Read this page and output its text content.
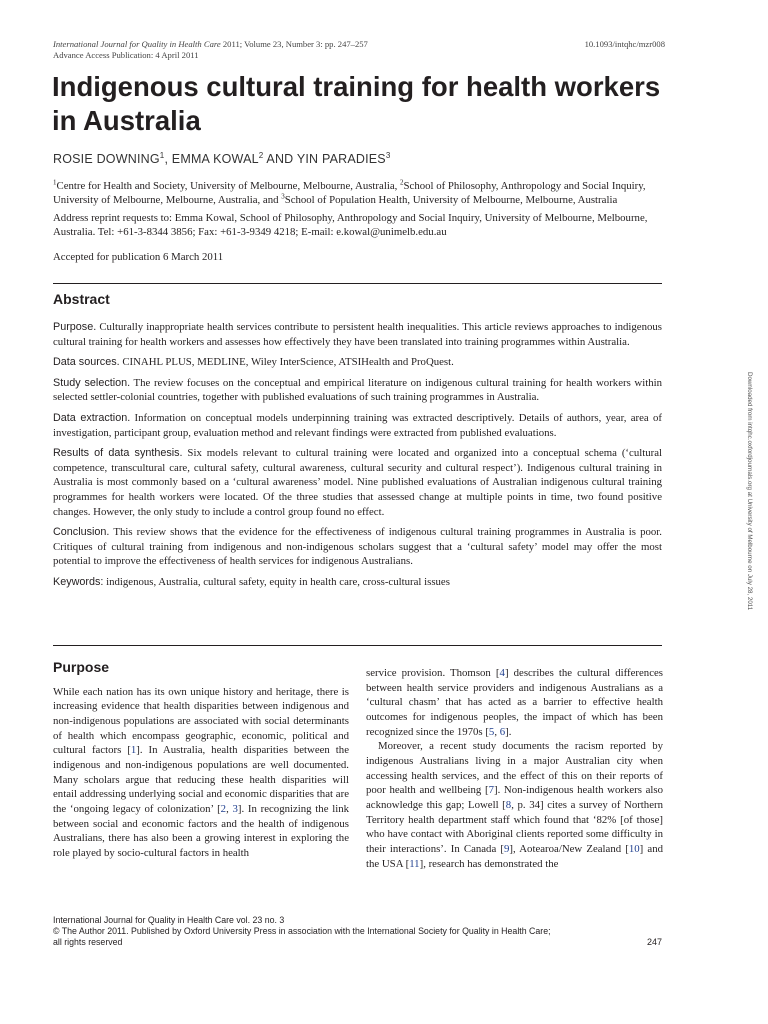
International Journal for Quality in Health Care 2011; Volume 23, Number 3: pp. 247–257	10.1093/intqhc/mzr008
Advance Access Publication: 4 April 2011
Indigenous cultural training for health workers in Australia
ROSIE DOWNING$^1$, EMMA KOWAL$^2$ AND YIN PARADIES$^3$
$^1$Centre for Health and Society, University of Melbourne, Melbourne, Australia, $^2$School of Philosophy, Anthropology and Social Inquiry, University of Melbourne, Melbourne, Australia, and $^3$School of Population Health, University of Melbourne, Melbourne, Australia
Address reprint requests to: Emma Kowal, School of Philosophy, Anthropology and Social Inquiry, University of Melbourne, Melbourne, Australia. Tel: +61-3-8344 3856; Fax: +61-3-9349 4218; E-mail: e.kowal@unimelb.edu.au
Accepted for publication 6 March 2011
Abstract

Purpose. Culturally inappropriate health services contribute to persistent health inequalities. This article reviews approaches to indigenous cultural training for health workers and assesses how effectively they have been translated into training programmes within Australia.

Data sources. CINAHL PLUS, MEDLINE, Wiley InterScience, ATSIHealth and ProQuest.

Study selection. The review focuses on the conceptual and empirical literature on indigenous cultural training for health workers within selected settler-colonial countries, together with published evaluations of such training programmes in Australia.

Data extraction. Information on conceptual models underpinning training was extracted descriptively. Details of authors, year, area of investigation, participant group, evaluation method and relevant findings were extracted from published evaluations.

Results of data synthesis. Six models relevant to cultural training were located and organized into a conceptual schema (‘cultural competence, transcultural care, cultural safety, cultural awareness, cultural security and cultural respect’). Indigenous cultural training in Australia is most commonly based on a ‘cultural awareness’ model. Nine published evaluations of Australian indigenous cultural training programmes for health workers were located. Of the three studies that assessed change at multiple points in time, two found positive changes. However, the only study to include a control group found no effect.

Conclusion. This review shows that the evidence for the effectiveness of indigenous cultural training programmes in Australia is poor. Critiques of cultural training from indigenous and non-indigenous scholars suggest that a ‘cultural safety’ model may offer the most potential to improve the effectiveness of health services for indigenous Australians.

Keywords: indigenous, Australia, cultural safety, equity in health care, cross-cultural issues

Purpose

While each nation has its own unique history and heritage, there is increasing evidence that health disparities between indigenous and non-indigenous populations are associated with social determinants of health which encompass geographic, economic, political and cultural factors [1]. In Australia, health disparities between the indigenous and non-indigenous populations are well documented. Many scholars argue that reducing these health disparities will entail addressing underlying social and economic disparities that are the ‘ongoing legacy of colonization’ [2, 3]. In recognizing the link between social and economic factors and the health of indigenous Australians, there has also been a growing interest in exploring the role played by socio-cultural factors in health

service provision. Thomson [4] describes the cultural differences between health service providers and indigenous Australians as a ‘cultural chasm’ that has acted as a barrier to effective health outcomes for indigenous peoples, the impact of which has been recognized since the 1970s [5, 6].

Moreover, a recent study documents the racism reported by indigenous Australians living in a major Australian city when accessing health services, and the effect of this on their reports of poor health and wellbeing [7]. Non-indigenous health workers also acknowledge this gap; Lowell [8, p. 34] cites a survey of Northern Territory health department staff which found that ‘82% [of those] who have contact with Aboriginal clients reported some difficulty in their interactions’. In Canada [9], Aotearoa/New Zealand [10] and the USA [11], research has demonstrated the

Downloaded from intqhc.oxfordjournals.org at University of Melbourne on July 28, 2011
International Journal for Quality in Health Care vol. 23 no. 3
© The Author 2011. Published by Oxford University Press in association with the International Society for Quality in Health Care;
all rights reserved	247
